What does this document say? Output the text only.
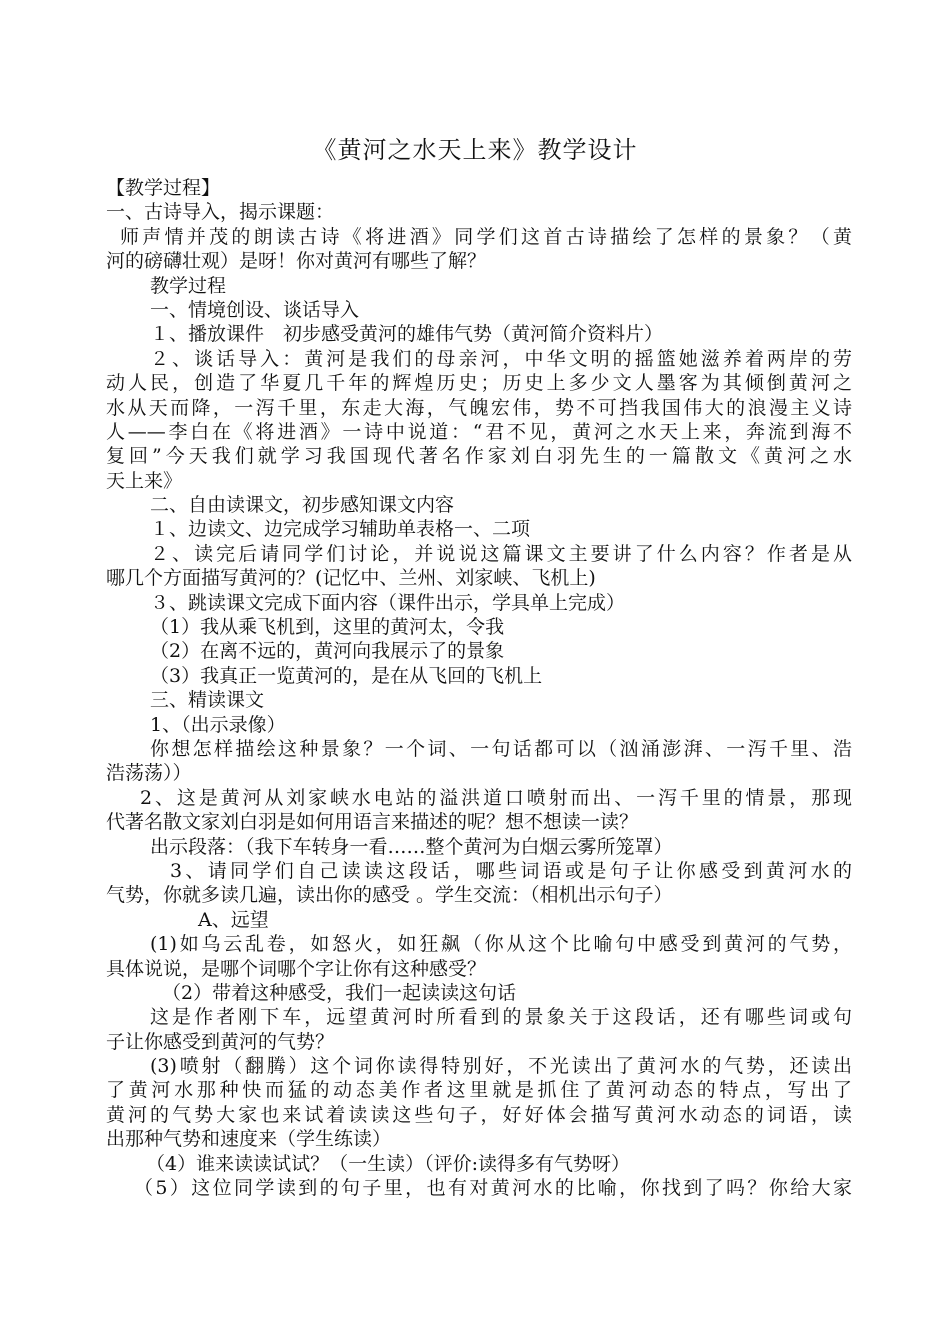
《黄河之水天上来》教学设计
【教学过程】
一、古诗导入，揭示课题：
师声情并茂的朗读古诗《将进酒》同学们这首古诗描绘了怎样的景象？（黄
河的磅礴壮观）是呀！你对黄河有哪些了解？
教学过程
一、情境创设、谈话导入
１、播放课件　初步感受黄河的雄伟气势（黄河简介资料片）
２、谈话导入：黄河是我们的母亲河，中华文明的摇篮她滋养着两岸的劳
动人民，创造了华夏几千年的辉煌历史；历史上多少文人墨客为其倾倒黄河之
水从天而降，一泻千里，东走大海，气魄宏伟，势不可挡我国伟大的浪漫主义诗
人——李白在《将进酒》一诗中说道：“君不见，黄河之水天上来，奔流到海不
复回”今天我们就学习我国现代著名作家刘白羽先生的一篇散文《黄河之水
天上来》
二、自由读课文，初步感知课文内容
１、边读文、边完成学习辅助单表格一、二项
２、读完后请同学们讨论，并说说这篇课文主要讲了什么内容？作者是从
哪几个方面描写黄河的？(记忆中、兰州、刘家峡、飞机上)
３、跳读课文完成下面内容（课件出示，学具单上完成）
（1）我从乘飞机到，这里的黄河太，令我
（2）在离不远的，黄河向我展示了的景象
（3）我真正一览黄河的，是在从飞回的飞机上
三、精读课文
1、（出示录像）
你想怎样描绘这种景象？一个词、一句话都可以（汹涌澎湃、一泻千里、浩
浩荡荡））
2、这是黄河从刘家峡水电站的溢洪道口喷射而出、一泻千里的情景，那现
代著名散文家刘白羽是如何用语言来描述的呢？想不想读一读？
出示段落：（我下车转身一看……整个黄河为白烟云雾所笼罩）
3、请同学们自己读读这段话，哪些词语或是句子让你感受到黄河水的
气势，你就多读几遍，读出你的感受 。学生交流：（相机出示句子）
A、远望
(1)如乌云乱卷，如怒火，如狂飙（你从这个比喻句中感受到黄河的气势，
具体说说，是哪个词哪个字让你有这种感受？
（2）带着这种感受，我们一起读读这句话
这是作者刚下车，远望黄河时所看到的景象关于这段话，还有哪些词或句
子让你感受到黄河的气势？
(3)喷射（翻腾）这个词你读得特别好，不光读出了黄河水的气势，还读出
了黄河水那种快而猛的动态美作者这里就是抓住了黄河动态的特点，写出了
黄河的气势大家也来试着读读这些句子，好好体会描写黄河水动态的词语，读
出那种气势和速度来（学生练读）
（4）谁来读读试试？（一生读）（评价:读得多有气势呀）
（5）这位同学读到的句子里，也有对黄河水的比喻，你找到了吗？你给大家
